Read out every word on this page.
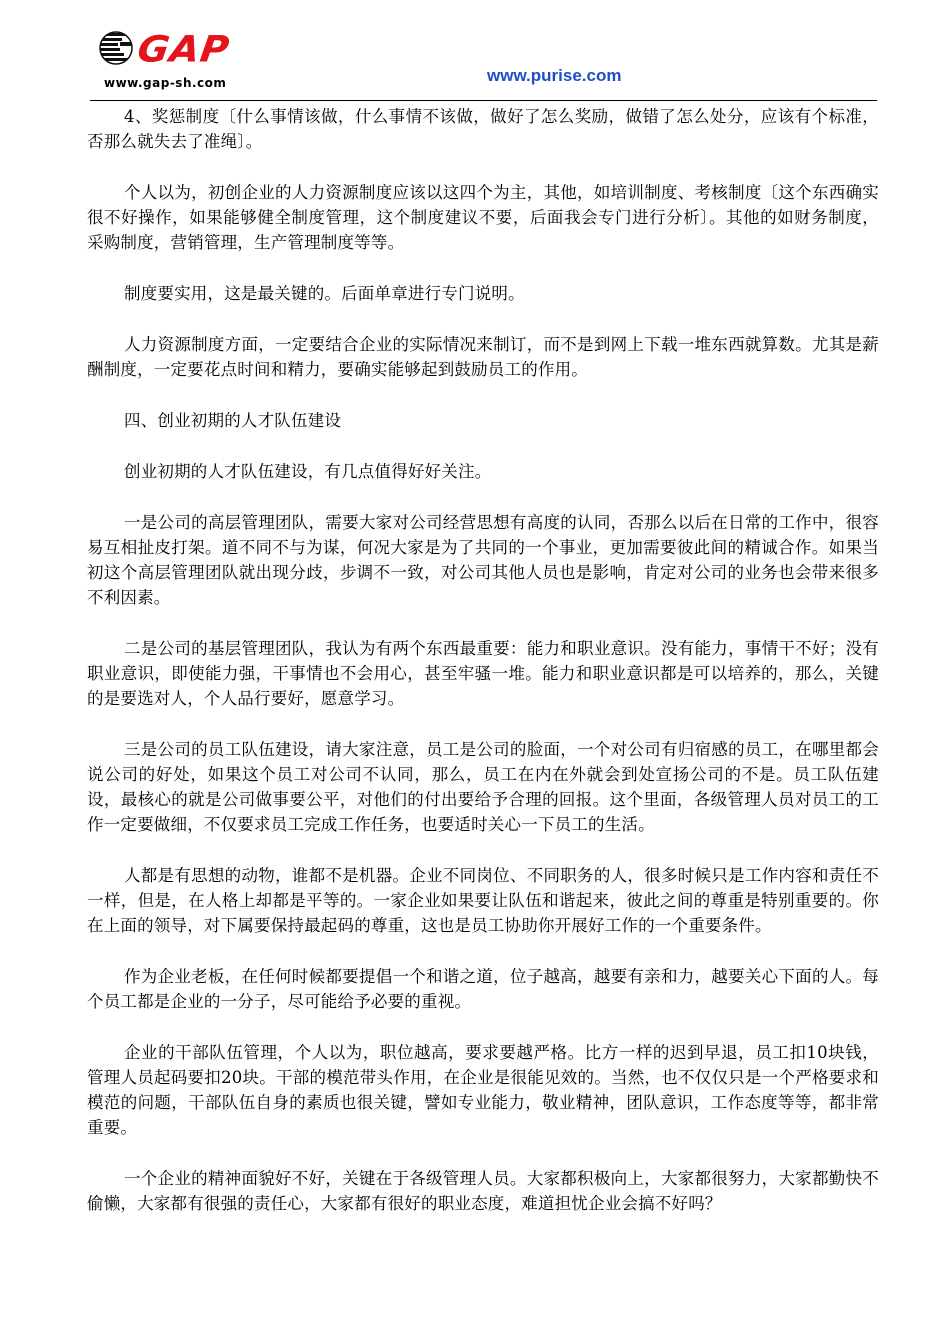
GAP
www.gap-sh.com	www.purise.com

4、奖惩制度〔什么事情该做，什么事情不该做，做好了怎么奖励，做错了怎么处分，应该有个标准，否那么就失去了准绳〕。

个人以为，初创企业的人力资源制度应该以这四个为主，其他，如培训制度、考核制度〔这个东西确实很不好操作，如果能够健全制度管理，这个制度建议不要，后面我会专门进行分析〕。其他的如财务制度，采购制度，营销管理，生产管理制度等等。

制度要实用，这是最关键的。后面单章进行专门说明。

人力资源制度方面，一定要结合企业的实际情况来制订，而不是到网上下载一堆东西就算数。尤其是薪酬制度，一定要花点时间和精力，要确实能够起到鼓励员工的作用。

四、创业初期的人才队伍建设

创业初期的人才队伍建设，有几点值得好好关注。

一是公司的高层管理团队，需要大家对公司经营思想有高度的认同，否那么以后在日常的工作中，很容易互相扯皮打架。道不同不与为谋，何况大家是为了共同的一个事业，更加需要彼此间的精诚合作。如果当初这个高层管理团队就出现分歧，步调不一致，对公司其他人员也是影响，肯定对公司的业务也会带来很多不利因素。

二是公司的基层管理团队，我认为有两个东西最重要：能力和职业意识。没有能力，事情干不好；没有职业意识，即使能力强，干事情也不会用心，甚至牢骚一堆。能力和职业意识都是可以培养的，那么，关键的是要选对人，个人品行要好，愿意学习。

三是公司的员工队伍建设，请大家注意，员工是公司的脸面，一个对公司有归宿感的员工，在哪里都会说公司的好处，如果这个员工对公司不认同，那么，员工在内在外就会到处宣扬公司的不是。员工队伍建设，最核心的就是公司做事要公平，对他们的付出要给予合理的回报。这个里面，各级管理人员对员工的工作一定要做细，不仅要求员工完成工作任务，也要适时关心一下员工的生活。

人都是有思想的动物，谁都不是机器。企业不同岗位、不同职务的人，很多时候只是工作内容和责任不一样，但是，在人格上却都是平等的。一家企业如果要让队伍和谐起来，彼此之间的尊重是特别重要的。你在上面的领导，对下属要保持最起码的尊重，这也是员工协助你开展好工作的一个重要条件。

作为企业老板，在任何时候都要提倡一个和谐之道，位子越高，越要有亲和力，越要关心下面的人。每个员工都是企业的一分子，尽可能给予必要的重视。

企业的干部队伍管理，个人以为，职位越高，要求要越严格。比方一样的迟到早退，员工扣10块钱，管理人员起码要扣20块。干部的模范带头作用，在企业是很能见效的。当然，也不仅仅只是一个严格要求和模范的问题，干部队伍自身的素质也很关键，譬如专业能力，敬业精神，团队意识，工作态度等等，都非常重要。

一个企业的精神面貌好不好，关键在于各级管理人员。大家都积极向上，大家都很努力，大家都勤快不偷懒，大家都有很强的责任心，大家都有很好的职业态度，难道担忧企业会搞不好吗？
